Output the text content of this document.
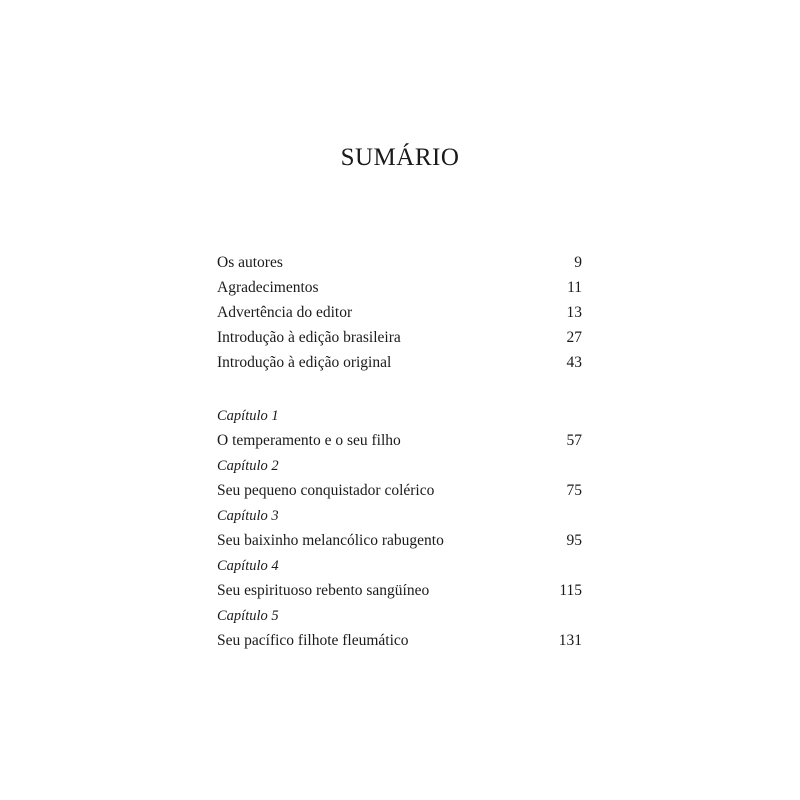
SUMÁRIO
Os autores	9
Agradecimentos	11
Advertência do editor	13
Introdução à edição brasileira	27
Introdução à edição original	43
Capítulo 1
O temperamento e o seu filho	57
Capítulo 2
Seu pequeno conquistador colérico	75
Capítulo 3
Seu baixinho melancólico rabugento	95
Capítulo 4
Seu espirituoso rebento sangüíneo	115
Capítulo 5
Seu pacífico filhote fleumático	131
